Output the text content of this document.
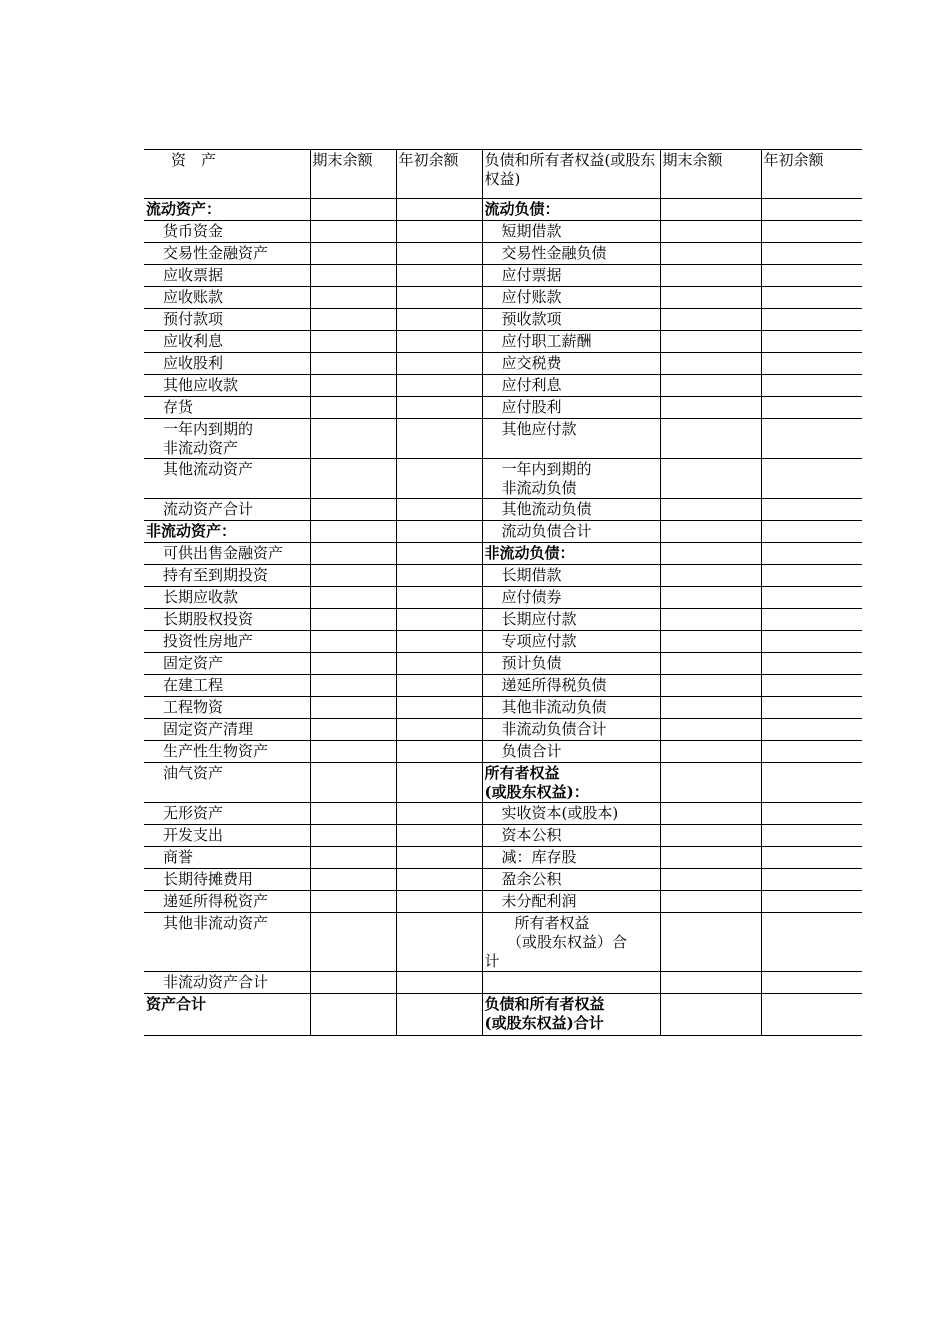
资　产	期末余额	年初余额	负债和所有者权益(或股东权益)	期末余额	年初余额
流动资产：			流动负债：		
货币资金			短期借款		
交易性金融资产			交易性金融负债		
应收票据			应付票据		
应收账款			应付账款		
预付款项			预收款项		
应收利息			应付职工薪酬		
应收股利			应交税费		
其他应收款			应付利息		
存货			应付股利		
一年内到期的
非流动资产			其他应付款		
其他流动资产			一年内到期的
非流动负债		
流动资产合计			其他流动负债		
非流动资产：			流动负债合计		
可供出售金融资产			非流动负债：		
持有至到期投资			长期借款		
长期应收款			应付债券		
长期股权投资			长期应付款		
投资性房地产			专项应付款		
固定资产			预计负债		
在建工程			递延所得税负债		
工程物资			其他非流动负债		
固定资产清理			非流动负债合计		
生产性生物资产			负债合计		
油气资产			所有者权益
(或股东权益)：		
无形资产			实收资本(或股本)		
开发支出			资本公积		
商誉			减：库存股		
长期待摊费用			盈余公积		
递延所得税资产			未分配利润		
其他非流动资产			　　所有者权益
　　（或股东权益）合
计		
非流动资产合计					
资产合计			负债和所有者权益
(或股东权益)合计		
